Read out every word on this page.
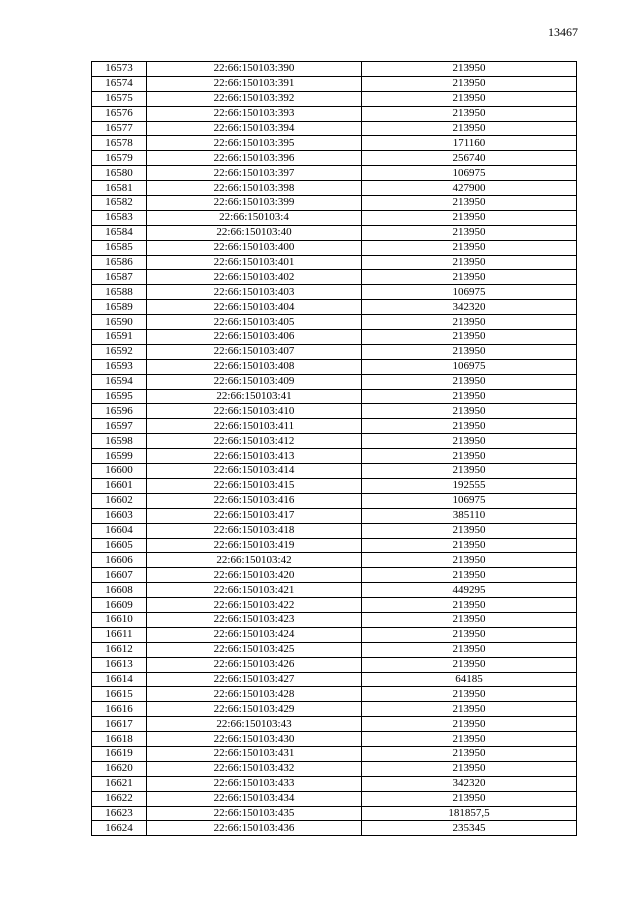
13467
16573	22:66:150103:390	213950
16574	22:66:150103:391	213950
16575	22:66:150103:392	213950
16576	22:66:150103:393	213950
16577	22:66:150103:394	213950
16578	22:66:150103:395	171160
16579	22:66:150103:396	256740
16580	22:66:150103:397	106975
16581	22:66:150103:398	427900
16582	22:66:150103:399	213950
16583	22:66:150103:4	213950
16584	22:66:150103:40	213950
16585	22:66:150103:400	213950
16586	22:66:150103:401	213950
16587	22:66:150103:402	213950
16588	22:66:150103:403	106975
16589	22:66:150103:404	342320
16590	22:66:150103:405	213950
16591	22:66:150103:406	213950
16592	22:66:150103:407	213950
16593	22:66:150103:408	106975
16594	22:66:150103:409	213950
16595	22:66:150103:41	213950
16596	22:66:150103:410	213950
16597	22:66:150103:411	213950
16598	22:66:150103:412	213950
16599	22:66:150103:413	213950
16600	22:66:150103:414	213950
16601	22:66:150103:415	192555
16602	22:66:150103:416	106975
16603	22:66:150103:417	385110
16604	22:66:150103:418	213950
16605	22:66:150103:419	213950
16606	22:66:150103:42	213950
16607	22:66:150103:420	213950
16608	22:66:150103:421	449295
16609	22:66:150103:422	213950
16610	22:66:150103:423	213950
16611	22:66:150103:424	213950
16612	22:66:150103:425	213950
16613	22:66:150103:426	213950
16614	22:66:150103:427	64185
16615	22:66:150103:428	213950
16616	22:66:150103:429	213950
16617	22:66:150103:43	213950
16618	22:66:150103:430	213950
16619	22:66:150103:431	213950
16620	22:66:150103:432	213950
16621	22:66:150103:433	342320
16622	22:66:150103:434	213950
16623	22:66:150103:435	181857,5
16624	22:66:150103:436	235345
